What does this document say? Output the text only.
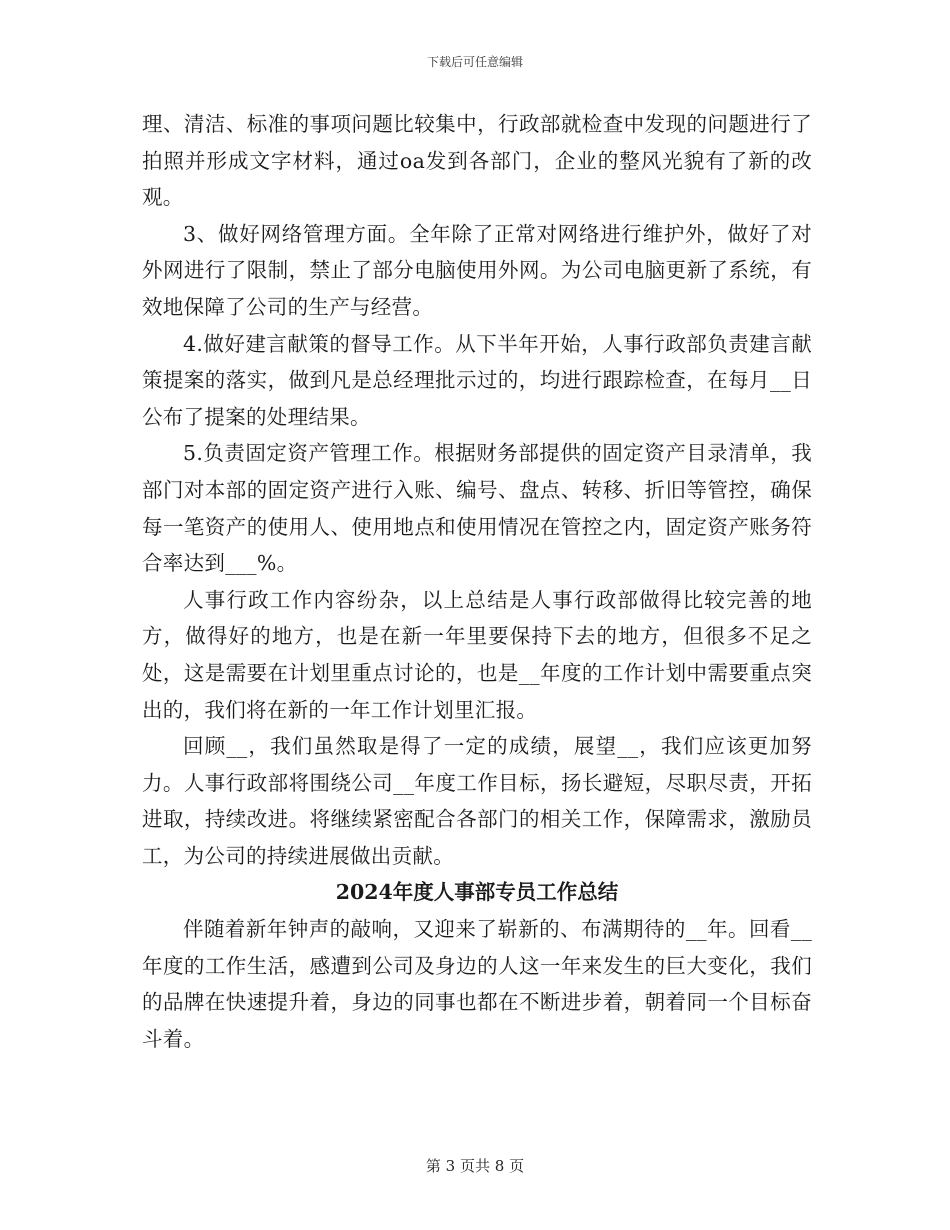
下载后可任意编辑

理、清洁、标准的事项问题比较集中，行政部就检查中发现的问题进行了拍照并形成文字材料，通过oa发到各部门，企业的整风光貌有了新的改观。

3、做好网络管理方面。全年除了正常对网络进行维护外，做好了对外网进行了限制，禁止了部分电脑使用外网。为公司电脑更新了系统，有效地保障了公司的生产与经营。

4.做好建言献策的督导工作。从下半年开始，人事行政部负责建言献策提案的落实，做到凡是总经理批示过的，均进行跟踪检查，在每月__日公布了提案的处理结果。

5.负责固定资产管理工作。根据财务部提供的固定资产目录清单，我部门对本部的固定资产进行入账、编号、盘点、转移、折旧等管控，确保每一笔资产的使用人、使用地点和使用情况在管控之内，固定资产账务符合率达到___%。

人事行政工作内容纷杂，以上总结是人事行政部做得比较完善的地方，做得好的地方，也是在新一年里要保持下去的地方，但很多不足之处，这是需要在计划里重点讨论的，也是__年度的工作计划中需要重点突出的，我们将在新的一年工作计划里汇报。

回顾__，我们虽然取是得了一定的成绩，展望__，我们应该更加努力。人事行政部将围绕公司__年度工作目标，扬长避短，尽职尽责，开拓进取，持续改进。将继续紧密配合各部门的相关工作，保障需求，激励员工，为公司的持续进展做出贡献。

2024年度人事部专员工作总结

伴随着新年钟声的敲响，又迎来了崭新的、布满期待的__年。回看__年度的工作生活，感遭到公司及身边的人这一年来发生的巨大变化，我们的品牌在快速提升着，身边的同事也都在不断进步着，朝着同一个目标奋斗着。

第 3 页共 8 页
